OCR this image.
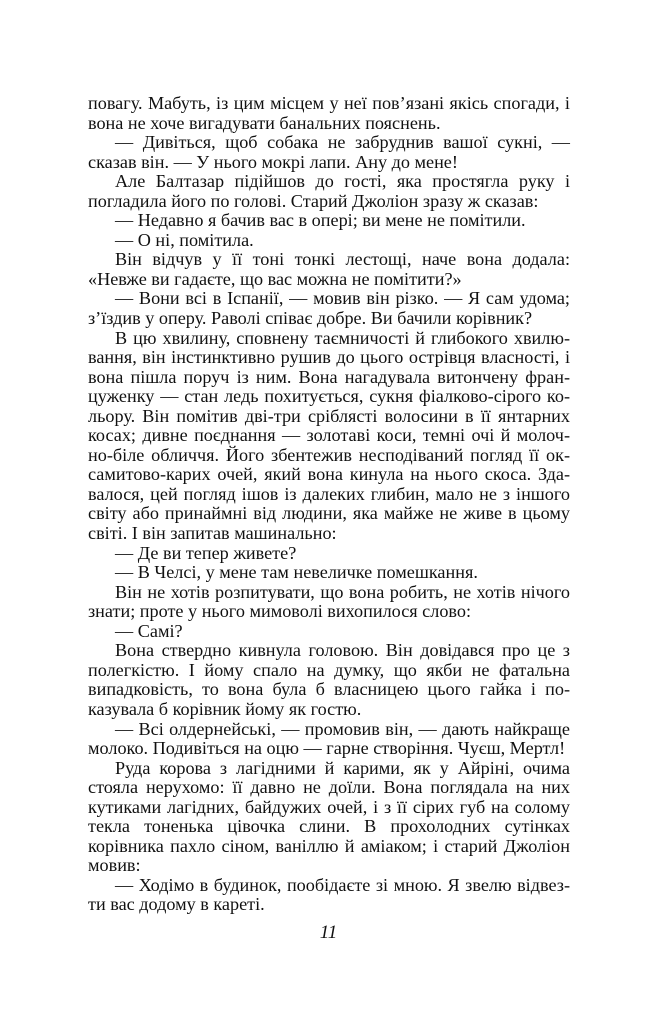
повагу. Мабуть, із цим місцем у неї пов’язані якісь спогади, і вона не хоче вигадувати банальних пояснень.

— Дивіться, щоб собака не забруднив вашої сукні, — сказав він. — У нього мокрі лапи. Ану до мене!

Але Балтазар підійшов до гості, яка простягла руку і погладила його по голові. Старий Джоліон зразу ж сказав:

— Недавно я бачив вас в опері; ви мене не помітили.

— О ні, помітила.

Він відчув у її тоні тонкі лестощі, наче вона додала: «Невже ви гадаєте, що вас можна не помітити?»

— Вони всі в Іспанії, — мовив він різко. — Я сам удома; з’їздив у оперу. Раволі співає добре. Ви бачили корівник?

В цю хвилину, сповнену таємничості й глибокого хвилювання, він інстинктивно рушив до цього острівця власності, і вона пішла поруч із ним. Вона нагадувала витончену француженку — стан ледь похитується, сукня фіалково-сірого кольору. Він помітив дві-три сріблясті волосини в її янтарних косах; дивне поєднання — золотаві коси, темні очі й молочно-біле обличчя. Його збентежив несподіваний погляд її оксамитово-карих очей, який вона кинула на нього скоса. Здавалося, цей погляд ішов із далеких глибин, мало не з іншого світу або принаймні від людини, яка майже не живе в цьому світі. І він запитав машинально:

— Де ви тепер живете?

— В Челсі, у мене там невеличке помешкання.

Він не хотів розпитувати, що вона робить, не хотів нічого знати; проте у нього мимоволі вихопилося слово:

— Самі?

Вона ствердно кивнула головою. Він довідався про це з полегкістю. І йому спало на думку, що якби не фатальна випадковість, то вона була б власницею цього гайка і показувала б корівник йому як гостю.

— Всі олдернейські, — промовив він, — дають найкраще молоко. Подивіться на оцю — гарне створіння. Чуєш, Мертл!

Руда корова з лагідними й карими, як у Айріні, очима стояла нерухомо: її давно не доїли. Вона поглядала на них кутиками лагідних, байдужих очей, і з її сірих губ на солому текла тоненька цівочка слини. В прохолодних сутінках корівника пахло сіном, ваніллю й аміаком; і старий Джоліон мовив:

— Ходімо в будинок, пообідаєте зі мною. Я звелю відвезти вас додому в кареті.

11
